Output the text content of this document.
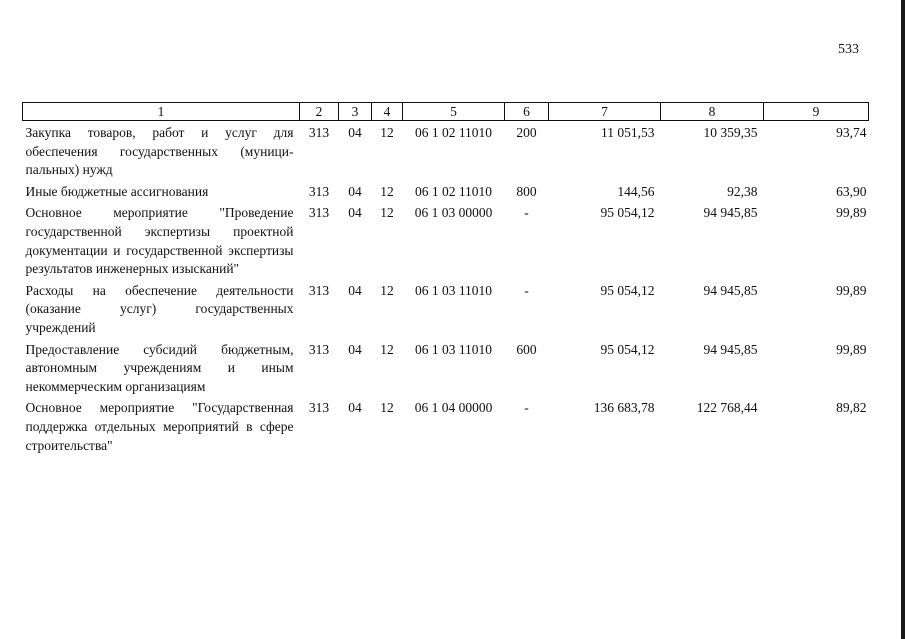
533
1	2	3	4	5	6	7	8	9
Закупка товаров, работ и услуг для обеспечения государственных (муници-пальных) нужд	313	04	12	06 1 02 11010	200	11 051,53	10 359,35	93,74
Иные бюджетные ассигнования	313	04	12	06 1 02 11010	800	144,56	92,38	63,90
Основное мероприятие "Проведение государственной экспертизы проектной документации и государственной экспертизы результатов инженерных изысканий"	313	04	12	06 1 03 00000	-	95 054,12	94 945,85	99,89
Расходы на обеспечение деятельности (оказание услуг) государственных учреждений	313	04	12	06 1 03 11010	-	95 054,12	94 945,85	99,89
Предоставление субсидий бюджетным, автономным учреждениям и иным некоммерческим организациям	313	04	12	06 1 03 11010	600	95 054,12	94 945,85	99,89
Основное мероприятие "Государственная поддержка отдельных мероприятий в сфере строительства"	313	04	12	06 1 04 00000	-	136 683,78	122 768,44	89,82
